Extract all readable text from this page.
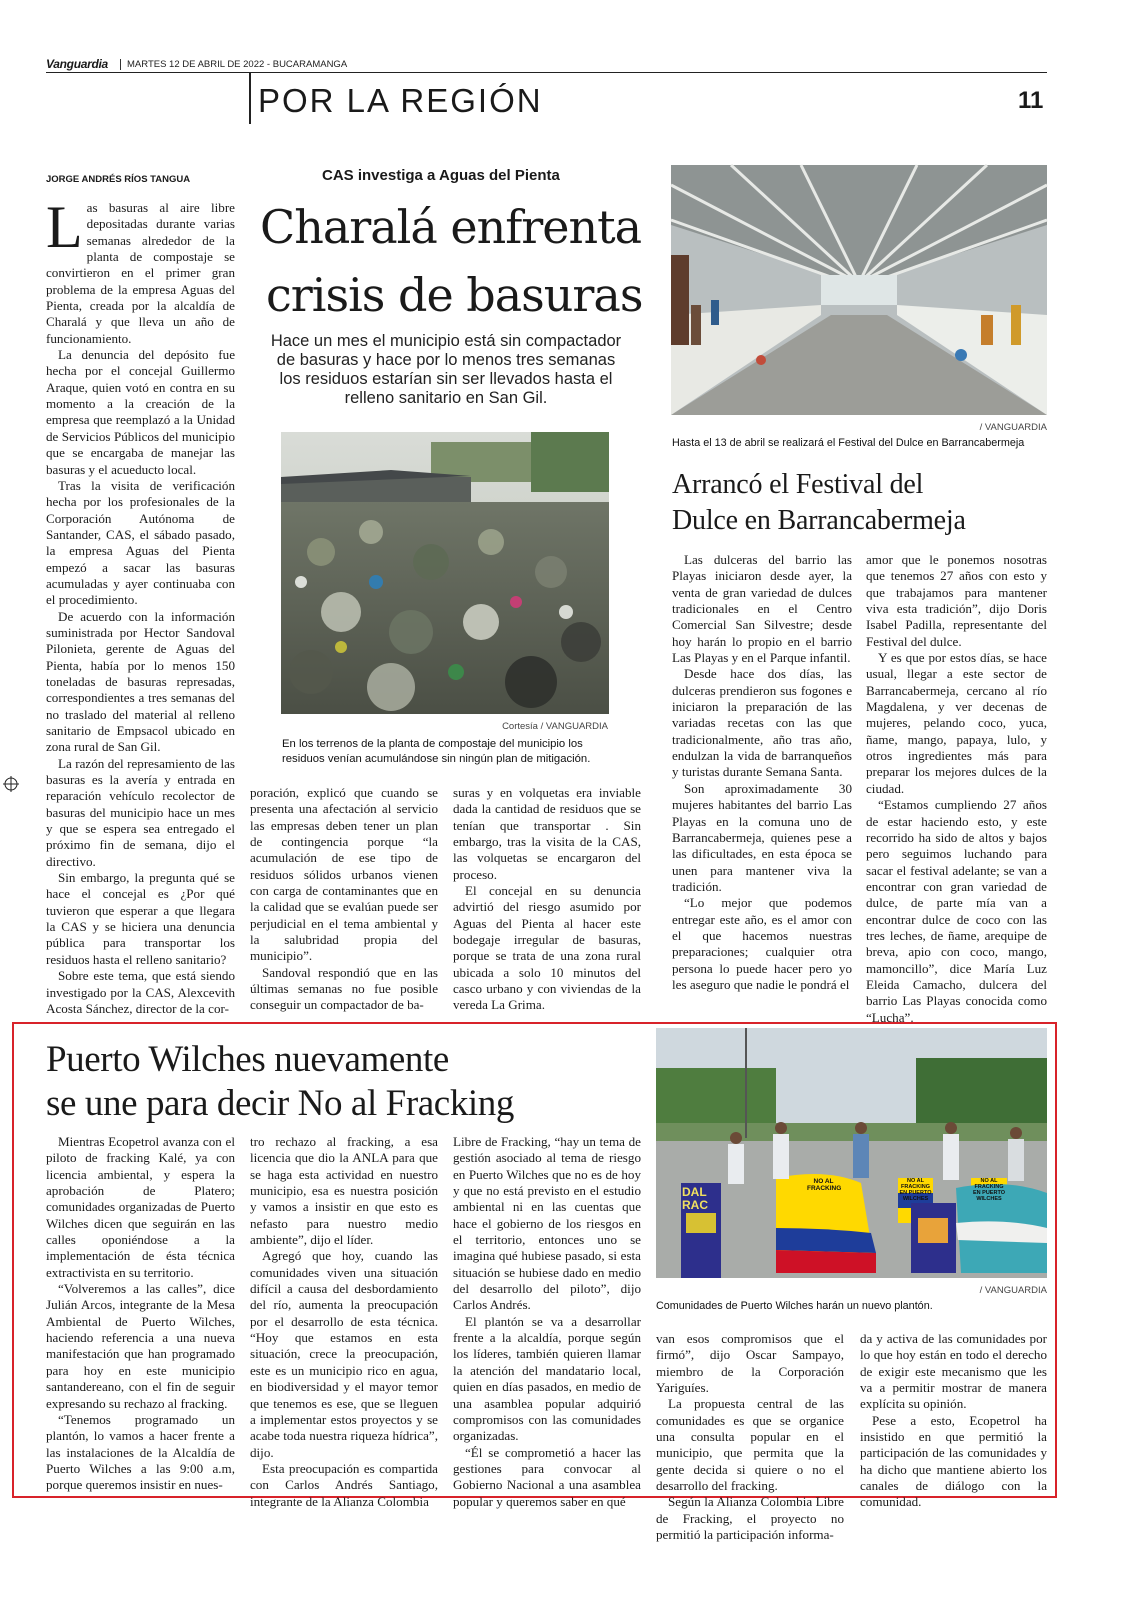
Vanguardia MARTES 12 DE ABRIL DE 2022 - BUCARAMANGA
POR LA REGIÓN	11
JORGE ANDRÉS RÍOS TANGUA

Las basuras al aire libre depositadas durante varias semanas alrededor de la planta de compostaje se convirtieron en el primer gran problema de la empresa Aguas del Pienta, creada por la alcaldía de Charalá y que lleva un año de funcionamiento.

La denuncia del depósito fue hecha por el concejal Guillermo Araque, quien votó en contra en su momento a la creación de la empresa que reemplazó a la Unidad de Servicios Públicos del municipio que se encargaba de manejar las basuras y el acueducto local.

Tras la visita de verificación hecha por los profesionales de la Corporación Autónoma de Santander, CAS, el sábado pasado, la empresa Aguas del Pienta empezó a sacar las basuras acumuladas y ayer continuaba con el procedimiento.

De acuerdo con la información suministrada por Hector Sandoval Pilonieta, gerente de Aguas del Pienta, había por lo menos 150 toneladas de basuras represadas, correspondientes a tres semanas del no traslado del material al relleno sanitario de Empsacol ubicado en zona rural de San Gil.

La razón del represamiento de las basuras es la avería y entrada en reparación vehículo recolector de basuras del municipio hace un mes y que se espera sea entregado el próximo fin de semana, dijo el directivo.

Sin embargo, la pregunta qué se hace el concejal es ¿Por qué tuvieron que esperar a que llegara la CAS y se hiciera una denuncia pública para transportar los residuos hasta el relleno sanitario?

Sobre este tema, que está siendo investigado por la CAS, Alexcevith Acosta Sánchez, director de la cor-

CAS investiga a Aguas del Pienta
Charalá enfrenta
crisis de basuras
Hace un mes el municipio está sin compactador de basuras y hace por lo menos tres semanas los residuos estarían sin ser llevados hasta el relleno sanitario en San Gil.
Cortesía / VANGUARDIA
En los terrenos de la planta de compostaje del municipio los residuos venían acumulándose sin ningún plan de mitigación.

poración, explicó que cuando se presenta una afectación al servicio las empresas deben tener un plan de contingencia porque “la acumulación de ese tipo de residuos sólidos urbanos vienen con carga de contaminantes que en la calidad que se evalúan puede ser perjudicial en el tema ambiental y la salubridad propia del municipio”.

Sandoval respondió que en las últimas semanas no fue posible conseguir un compactador de ba-

suras y en volquetas era inviable dada la cantidad de residuos que se tenían que transportar . Sin embargo, tras la visita de la CAS, las volquetas se encargaron del proceso.

El concejal en su denuncia advirtió del riesgo asumido por Aguas del Pienta al hacer este bodegaje irregular de basuras, porque se trata de una zona rural ubicada a solo 10 minutos del casco urbano y con viviendas de la vereda La Grima.

/ VANGUARDIA
Hasta el 13 de abril se realizará el Festival del Dulce en Barrancabermeja
Arrancó el Festival del
Dulce en Barrancabermeja

Las dulceras del barrio las Playas iniciaron desde ayer, la venta de gran variedad de dulces tradicionales en el Centro Comercial San Silvestre; desde hoy harán lo propio en el barrio Las Playas y en el Parque infantil.

Desde hace dos días, las dulceras prendieron sus fogones e iniciaron la preparación de las variadas recetas con las que tradicionalmente, año tras año, endulzan la vida de barranqueños y turistas durante Semana Santa.

Son aproximadamente 30 mujeres habitantes del barrio Las Playas en la comuna uno de Barrancabermeja, quienes pese a las dificultades, en esta época se unen para mantener viva la tradición.

“Lo mejor que podemos entregar este año, es el amor con el que hacemos nuestras preparaciones; cualquier otra persona lo puede hacer pero yo les aseguro que nadie le pondrá el

amor que le ponemos nosotras que tenemos 27 años con esto y que trabajamos para mantener viva esta tradición”, dijo Doris Isabel Padilla, representante del Festival del dulce.

Y es que por estos días, se hace usual, llegar a este sector de Barrancabermeja, cercano al río Magdalena, y ver decenas de mujeres, pelando coco, yuca, ñame, mango, papaya, lulo, y otros ingredientes más para preparar los mejores dulces de la ciudad.

“Estamos cumpliendo 27 años de estar haciendo esto, y este recorrido ha sido de altos y bajos pero seguimos luchando para sacar el festival adelante; se van a encontrar con gran variedad de dulce, de parte mía van a encontrar dulce de coco con las tres leches, de ñame, arequipe de breva, apio con coco, mango, mamoncillo”, dice María Luz Eleida Camacho, dulcera del barrio Las Playas conocida como “Lucha”.

Puerto Wilches nuevamente
se une para decir No al Fracking

Mientras Ecopetrol avanza con el piloto de fracking Kalé, ya con licencia ambiental, y espera la aprobación de Platero; comunidades organizadas de Puerto Wilches dicen que seguirán en las calles oponiéndose a la implementación de ésta técnica extractivista en su territorio.

“Volveremos a las calles”, dice Julián Arcos, integrante de la Mesa Ambiental de Puerto Wilches, haciendo referencia a una nueva manifestación que han programado para hoy en este municipio santandereano, con el fin de seguir expresando su rechazo al fracking.

“Tenemos programado un plantón, lo vamos a hacer frente a las instalaciones de la Alcaldía de Puerto Wilches a las 9:00 a.m, porque queremos insistir en nues-

tro rechazo al fracking, a esa licencia que dio la ANLA para que se haga esta actividad en nuestro municipio, esa es nuestra posición y vamos a insistir en que esto es nefasto para nuestro medio ambiente”, dijo el líder.

Agregó que hoy, cuando las comunidades viven una situación difícil a causa del desbordamiento del río, aumenta la preocupación por el desarrollo de esta técnica. “Hoy que estamos en esta situación, crece la preocupación, este es un municipio rico en agua, en biodiversidad y el mayor temor que tenemos es ese, que se lleguen a implementar estos proyectos y se acabe toda nuestra riqueza hídrica”, dijo.

Esta preocupación es compartida con Carlos Andrés Santiago, integrante de la Alianza Colombia

Libre de Fracking, “hay un tema de gestión asociado al tema de riesgo en Puerto Wilches que no es de hoy y que no está previsto en el estudio ambiental ni en las cuentas que hace el gobierno de los riesgos en el territorio, entonces uno se imagina qué hubiese pasado, si esta situación se hubiese dado en medio del desarrollo del piloto”, dijo Carlos Andrés.

El plantón se va a desarrollar frente a la alcaldía, porque según los líderes, también quieren llamar la atención del mandatario local, quien en días pasados, en medio de una asamblea popular adquirió compromisos con las comunidades organizadas.

“Él se comprometió a hacer las gestiones para convocar al Gobierno Nacional a una asamblea popular y queremos saber en qué

NO AL FRACKING
NO AL FRACKING EN PUERTO WILCHES
NO AL FRACKING EN PUERTO WILCHES
DAL RAC
/ VANGUARDIA
Comunidades de Puerto Wilches harán un nuevo plantón.

van esos compromisos que el firmó”, dijo Oscar Sampayo, miembro de la Corporación Yariguíes.

La propuesta central de las comunidades es que se organice una consulta popular en el municipio, que permita que la gente decida si quiere o no el desarrollo del fracking.

Según la Alianza Colombia Libre de Fracking, el proyecto no permitió la participación informa-

da y activa de las comunidades por lo que hoy están en todo el derecho de exigir este mecanismo que les va a permitir mostrar de manera explícita su opinión.

Pese a esto, Ecopetrol ha insistido en que permitió la participación de las comunidades y ha dicho que mantiene abierto los canales de diálogo con la comunidad.
